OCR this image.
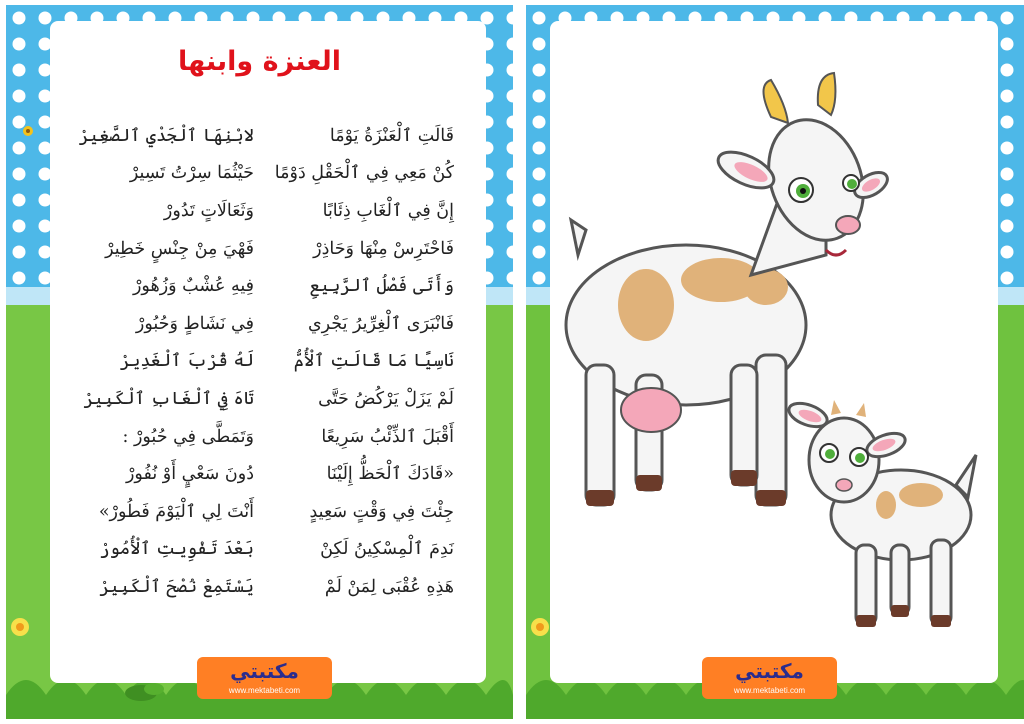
العنزة وابنها
قَالَتِ ٱلْعَنْزَةُ يَوْمًا
لابْنِهَا ٱلْجَدْيِ ٱلصَّغِيرْ
كُنْ مَعِي فِي ٱلْحَقْلِ دَوْمًا
حَيْثُمَا سِرْتُ تَسِيرْ
إِنَّ فِي ٱلْغَابِ ذِئَابًا
وَثَعَالَاتٍ تَدُورْ
فَاحْتَرِسْ مِنْهَا وَحَاذِرْ
فَهْيَ مِنْ جِنْسٍ خَطِيرْ
وَأَتَى فَصْلُ ٱلرَّبِيعِ
فِيهِ عُشْبٌ وَزُهُورْ
فَانْبَرَى ٱلْغِرِّيرُ يَجْرِي
فِي نَشَاطٍ وَحُبُورْ
نَاسِيًا مَا قَالَتِ ٱلْأُمُّ
لَهُ قُرْبَ ٱلْغَدِيرْ
لَمْ يَزَلْ يَرْكُضُ حَتَّى
تَاهَ فِي ٱلْغَابِ ٱلْكَبِيرْ
أَقْبَلَ ٱلذِّئْبُ سَرِيعًا
وَتَمَطَّى فِي حُبُورْ :
«قَادَكَ ٱلْحَظُّ إِلَيْنَا
دُونَ سَعْيٍ أَوْ نُفُورْ
جِئْتَ فِي وَقْتٍ سَعِيدٍ
أَنْتَ لِي ٱلْيَوْمَ فَطُورْ»
نَدِمَ ٱلْمِسْكِينُ لَكِنْ
بَعْدَ تَفْوِيتِ ٱلْأُمُورْ
هَذِهِ عُقْبَى لِمَنْ لَمْ
يَسْتَمِعْ نُصْحَ ٱلْكَبِيرْ
مكتبتي
www.mektabeti.com
مكتبتي
www.mektabeti.com
